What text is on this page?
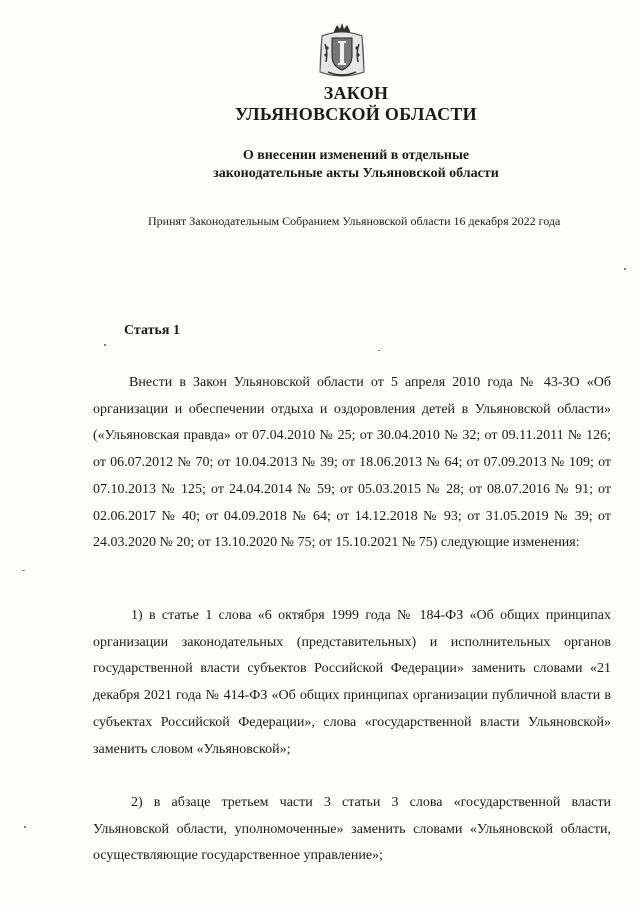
ЗАКОН
УЛЬЯНОВСКОЙ ОБЛАСТИ
О внесении изменений в отдельные
законодательные акты Ульяновской области
Принят Законодательным Собранием Ульяновской области 16 декабря 2022 года
Статья 1
Внести в Закон Ульяновской области от 5 апреля 2010 года № 43-ЗО «Об организации и обеспечении отдыха и оздоровления детей в Ульяновской области» («Ульяновская правда» от 07.04.2010 № 25; от 30.04.2010 № 32; от 09.11.2011 № 126; от 06.07.2012 № 70; от 10.04.2013 № 39; от 18.06.2013 № 64; от 07.09.2013 № 109; от 07.10.2013 № 125; от 24.04.2014 № 59; от 05.03.2015 № 28; от 08.07.2016 № 91; от 02.06.2017 № 40; от 04.09.2018 № 64; от 14.12.2018 № 93; от 31.05.2019 № 39; от 24.03.2020 № 20; от 13.10.2020 № 75; от 15.10.2021 № 75) следующие изменения:
1) в статье 1 слова «6 октября 1999 года № 184-ФЗ «Об общих принципах организации законодательных (представительных) и исполнительных органов государственной власти субъектов Российской Федерации» заменить словами «21 декабря 2021 года № 414-ФЗ «Об общих принципах организации публичной власти в субъектах Российской Федерации», слова «государственной власти Ульяновской» заменить словом «Ульяновской»;
2) в абзаце третьем части 3 статьи 3 слова «государственной власти Ульяновской области, уполномоченные» заменить словами «Ульяновской области, осуществляющие государственное управление»;
